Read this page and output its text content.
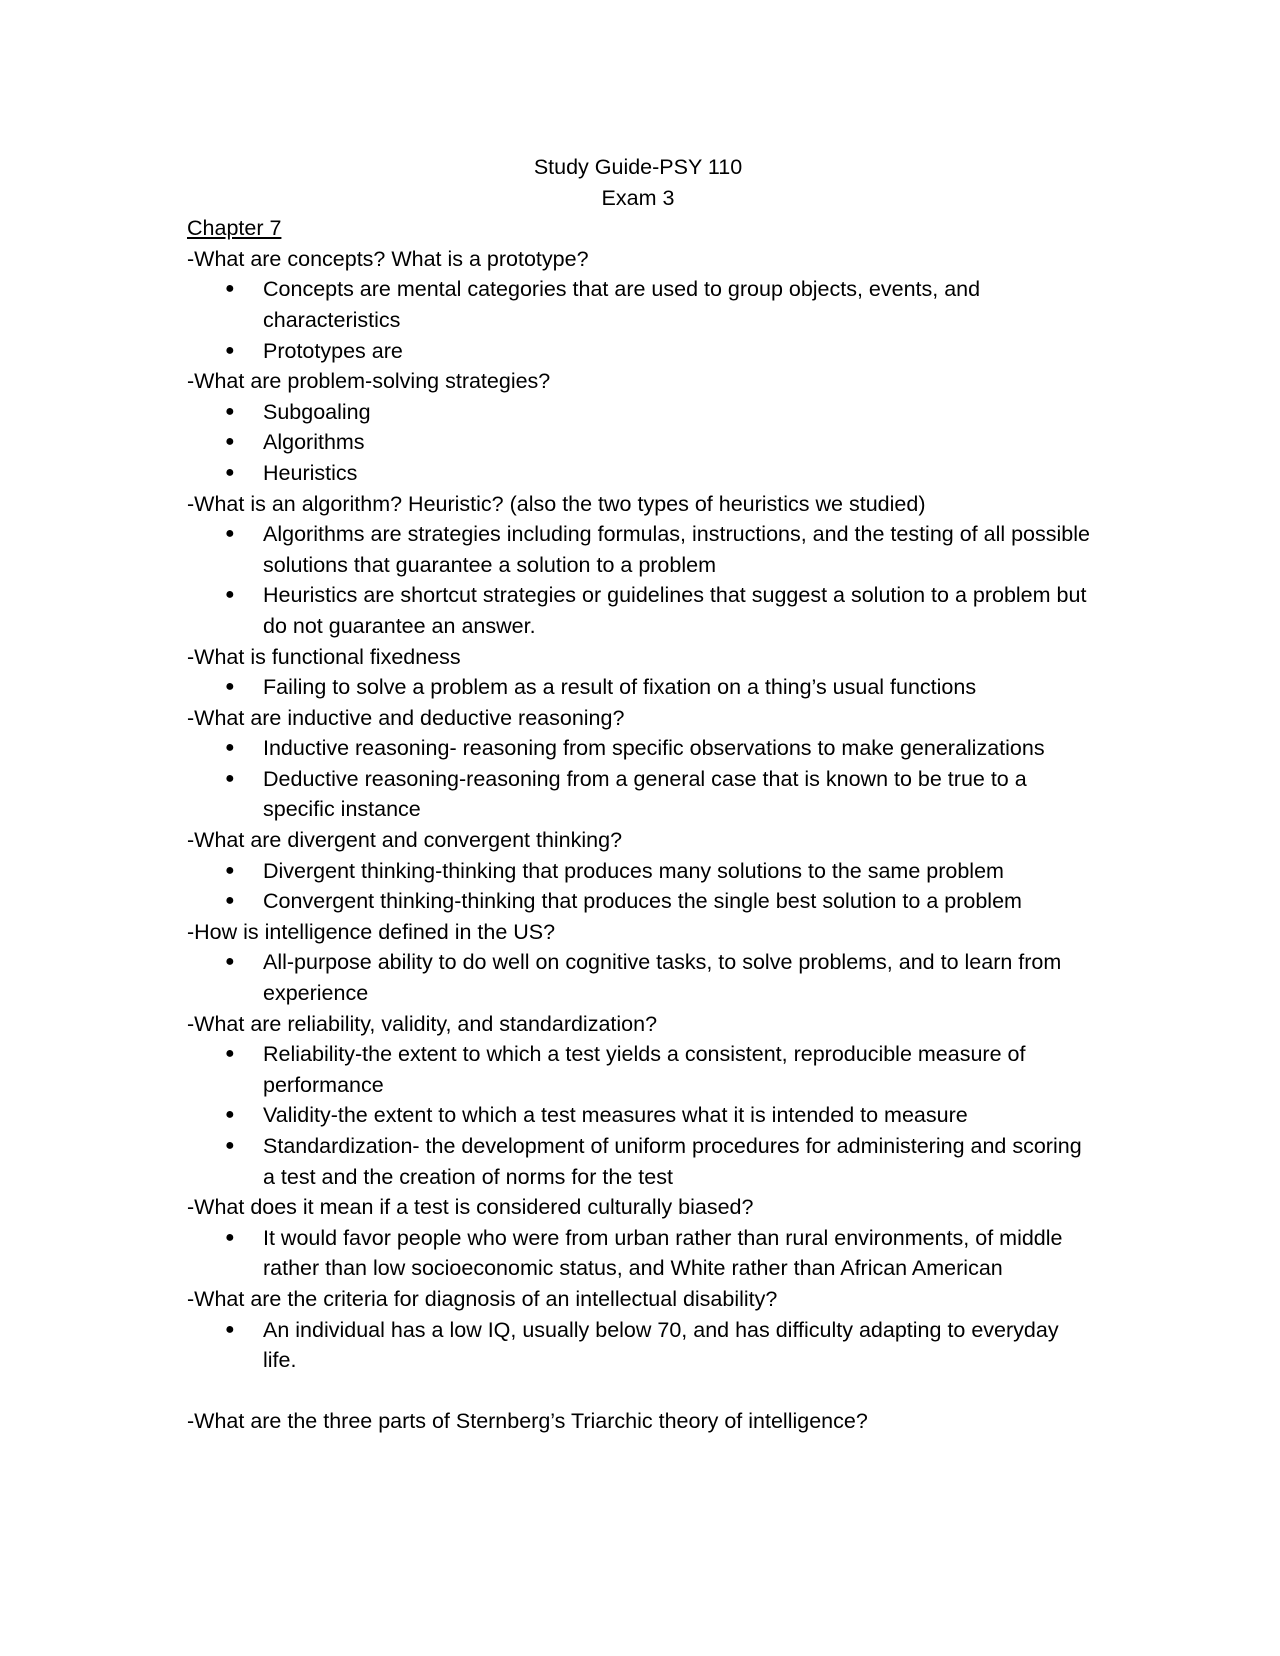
Study Guide-PSY 110
Exam 3
Chapter 7
-What are concepts? What is a prototype?
● Concepts are mental categories that are used to group objects, events, and characteristics
● Prototypes are
-What are problem-solving strategies?
● Subgoaling
● Algorithms
● Heuristics
-What is an algorithm? Heuristic? (also the two types of heuristics we studied)
● Algorithms are strategies including formulas, instructions, and the testing of all possible solutions that guarantee a solution to a problem
● Heuristics are shortcut strategies or guidelines that suggest a solution to a problem but do not guarantee an answer.
-What is functional fixedness
● Failing to solve a problem as a result of fixation on a thing’s usual functions
-What are inductive and deductive reasoning?
● Inductive reasoning- reasoning from specific observations to make generalizations
● Deductive reasoning-reasoning from a general case that is known to be true to a specific instance
-What are divergent and convergent thinking?
● Divergent thinking-thinking that produces many solutions to the same problem
● Convergent thinking-thinking that produces the single best solution to a problem
-How is intelligence defined in the US?
● All-purpose ability to do well on cognitive tasks, to solve problems, and to learn from experience
-What are reliability, validity, and standardization?
● Reliability-the extent to which a test yields a consistent, reproducible measure of performance
● Validity-the extent to which a test measures what it is intended to measure
● Standardization- the development of uniform procedures for administering and scoring a test and the creation of norms for the test
-What does it mean if a test is considered culturally biased?
● It would favor people who were from urban rather than rural environments, of middle rather than low socioeconomic status, and White rather than African American
-What are the criteria for diagnosis of an intellectual disability?
● An individual has a low IQ, usually below 70, and has difficulty adapting to everyday life.
-What are the three parts of Sternberg’s Triarchic theory of intelligence?
